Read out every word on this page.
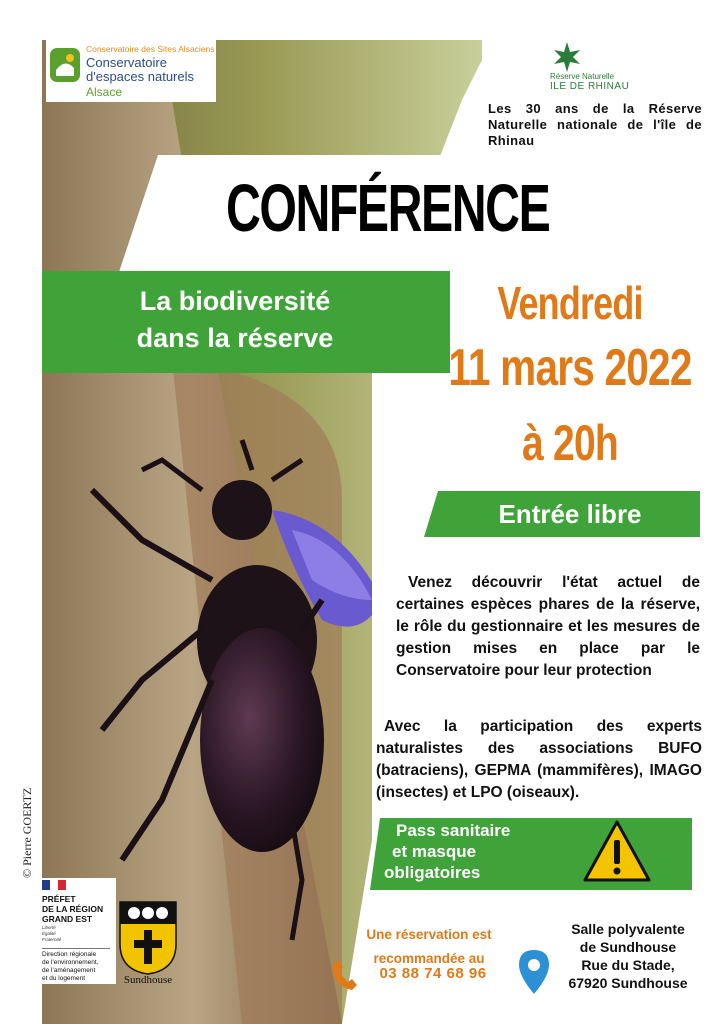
Conservatoire des Sites Alsaciens
Conservatoire
d'espaces naturels
Alsace
Réserve Naturelle
ILE DE RHINAU
Les 30 ans de la Réserve Naturelle nationale de l'île de Rhinau
CONFÉRENCE
La biodiversité
dans la réserve
Vendredi
11 mars 2022
à 20h
Entrée libre
Venez découvrir l'état actuel de certaines espèces phares de la réserve, le rôle du gestionnaire et les mesures de gestion mises en place par le Conservatoire pour leur protection
Avec la participation des experts naturalistes des associations BUFO (batraciens), GEPMA (mammifères), IMAGO (insectes) et LPO (oiseaux).
Pass sanitaire
et masque
obligatoires
© Pierre GOERTZ
PRÉFET
DE LA RÉGION
GRAND EST
Liberté
Égalité
Fraternité
Direction régionale
de l'environnement,
de l'aménagement
et du logement	Sundhouse
Une réservation est
recommandée au
03 88 74 68 96
Salle polyvalente
de Sundhouse
Rue du Stade,
67920 Sundhouse
